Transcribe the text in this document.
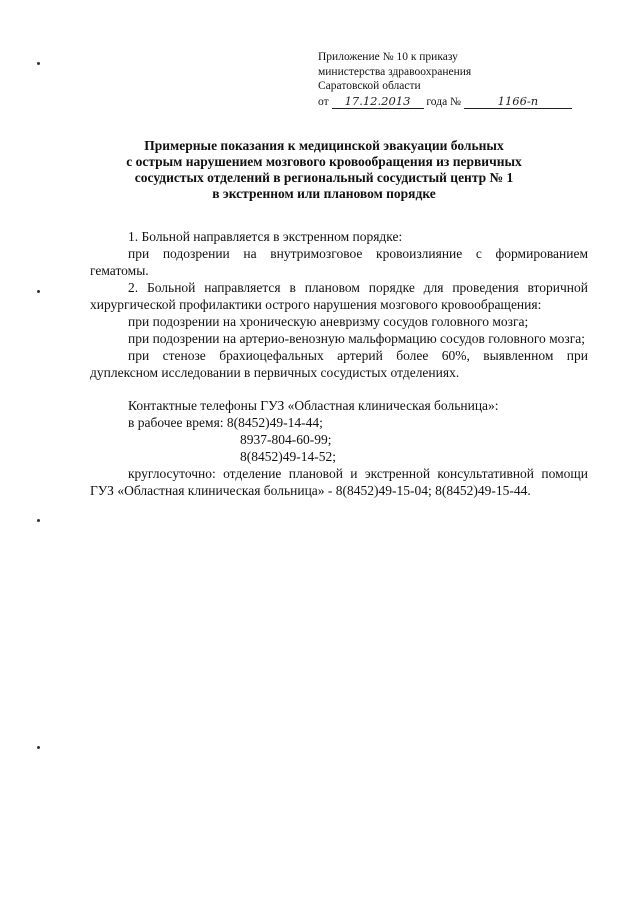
Приложение № 10 к приказу
министерства здравоохранения
Саратовской области
от 17.12.2013 года №	1166-п
Примерные показания к медицинской эвакуации больных
с острым нарушением мозгового кровообращения из первичных
сосудистых отделений в региональный сосудистый центр № 1
в экстренном или плановом порядке

1. Больной направляется в экстренном порядке:

при подозрении на внутримозговое кровоизлияние с формированием гематомы.

2. Больной направляется в плановом порядке для проведения вторичной хирургической профилактики острого нарушения мозгового кровообращения:

при подозрении на хроническую аневризму сосудов головного мозга;

при подозрении на артерио-венозную мальформацию сосудов головного мозга;

при стенозе брахиоцефальных артерий более 60%, выявленном при дуплексном исследовании в первичных сосудистых отделениях.

Контактные телефоны ГУЗ «Областная клиническая больница»:

в рабочее время: 8(8452)49-14-44;
8937-804-60-99;
8(8452)49-14-52;

круглосуточно: отделение плановой и экстренной консультативной помощи ГУЗ «Областная клиническая больница» - 8(8452)49-15-04; 8(8452)49-15-44.
